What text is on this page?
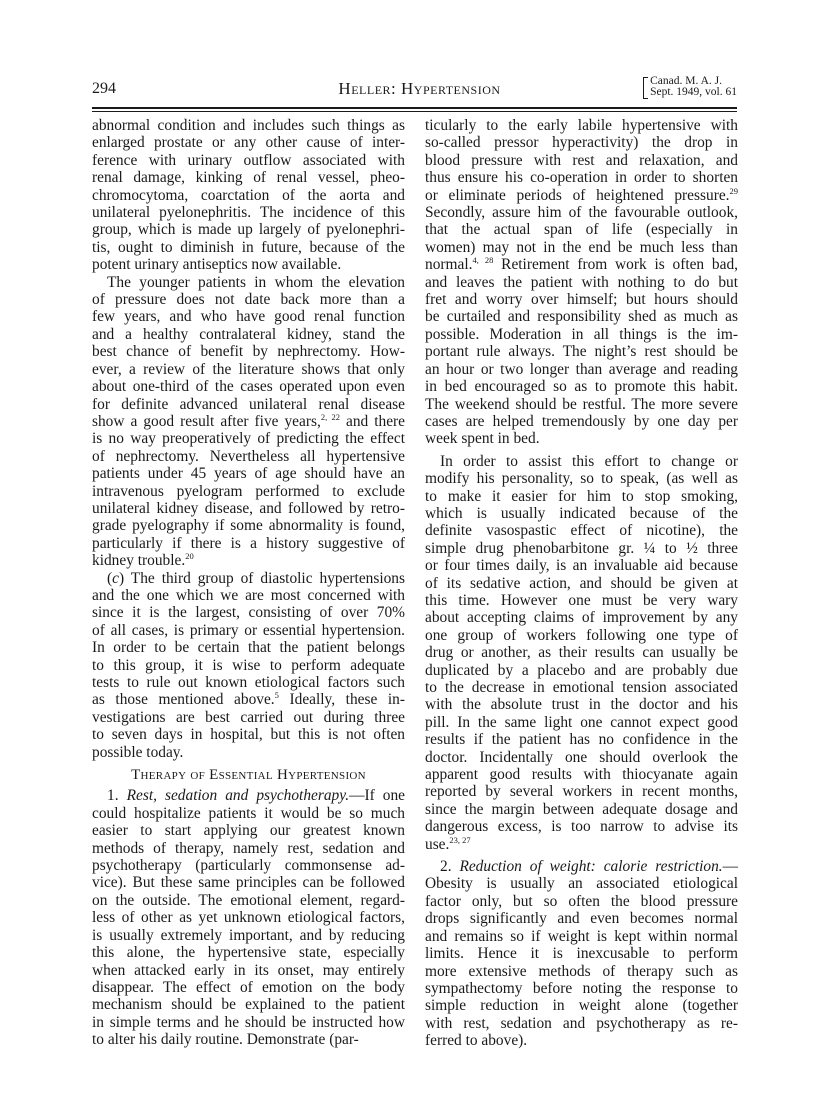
294	Heller: Hypertension	Canad. M. A. J.
Sept. 1949, vol. 61
abnormal condition and includes such things as
enlarged prostate or any other cause of inter-
ference with urinary outflow associated with
renal damage, kinking of renal vessel, pheo-
chromocytoma, coarctation of the aorta and
unilateral pyelonephritis. The incidence of this
group, which is made up largely of pyelonephri-
tis, ought to diminish in future, because of the
potent urinary antiseptics now available.
The younger patients in whom the elevation
of pressure does not date back more than a
few years, and who have good renal function
and a healthy contralateral kidney, stand the
best chance of benefit by nephrectomy. How-
ever, a review of the literature shows that only
about one-third of the cases operated upon even
for definite advanced unilateral renal disease
show a good result after five years,$^{2, 22}$ and there
is no way preoperatively of predicting the effect
of nephrectomy. Nevertheless all hypertensive
patients under 45 years of age should have an
intravenous pyelogram performed to exclude
unilateral kidney disease, and followed by retro-
grade pyelography if some abnormality is found,
particularly if there is a history suggestive of
kidney trouble.$^{20}$
(c) The third group of diastolic hypertensions
and the one which we are most concerned with
since it is the largest, consisting of over 70%
of all cases, is primary or essential hypertension.
In order to be certain that the patient belongs
to this group, it is wise to perform adequate
tests to rule out known etiological factors such
as those mentioned above.$^5$ Ideally, these in-
vestigations are best carried out during three
to seven days in hospital, but this is not often
possible today.
Therapy of Essential Hypertension
1. Rest, sedation and psychotherapy.—If one
could hospitalize patients it would be so much
easier to start applying our greatest known
methods of therapy, namely rest, sedation and
psychotherapy (particularly commonsense ad-
vice). But these same principles can be followed
on the outside. The emotional element, regard-
less of other as yet unknown etiological factors,
is usually extremely important, and by reducing
this alone, the hypertensive state, especially
when attacked early in its onset, may entirely
disappear. The effect of emotion on the body
mechanism should be explained to the patient
in simple terms and he should be instructed how
to alter his daily routine. Demonstrate (par-
ticularly to the early labile hypertensive with
so-called pressor hyperactivity) the drop in
blood pressure with rest and relaxation, and
thus ensure his co-operation in order to shorten
or eliminate periods of heightened pressure.$^{29}$
Secondly, assure him of the favourable outlook,
that the actual span of life (especially in
women) may not in the end be much less than
normal.$^{4, 28}$ Retirement from work is often bad,
and leaves the patient with nothing to do but
fret and worry over himself; but hours should
be curtailed and responsibility shed as much as
possible. Moderation in all things is the im-
portant rule always. The night’s rest should be
an hour or two longer than average and reading
in bed encouraged so as to promote this habit.
The weekend should be restful. The more severe
cases are helped tremendously by one day per
week spent in bed.
In order to assist this effort to change or
modify his personality, so to speak, (as well as
to make it easier for him to stop smoking,
which is usually indicated because of the
definite vasospastic effect of nicotine), the
simple drug phenobarbitone gr. ¼ to ½ three
or four times daily, is an invaluable aid because
of its sedative action, and should be given at
this time. However one must be very wary
about accepting claims of improvement by any
one group of workers following one type of
drug or another, as their results can usually be
duplicated by a placebo and are probably due
to the decrease in emotional tension associated
with the absolute trust in the doctor and his
pill. In the same light one cannot expect good
results if the patient has no confidence in the
doctor. Incidentally one should overlook the
apparent good results with thiocyanate again
reported by several workers in recent months,
since the margin between adequate dosage and
dangerous excess, is too narrow to advise its
use.$^{23, 27}$
2. Reduction of weight: calorie restriction.—
Obesity is usually an associated etiological
factor only, but so often the blood pressure
drops significantly and even becomes normal
and remains so if weight is kept within normal
limits. Hence it is inexcusable to perform
more extensive methods of therapy such as
sympathectomy before noting the response to
simple reduction in weight alone (together
with rest, sedation and psychotherapy as re-
ferred to above).
